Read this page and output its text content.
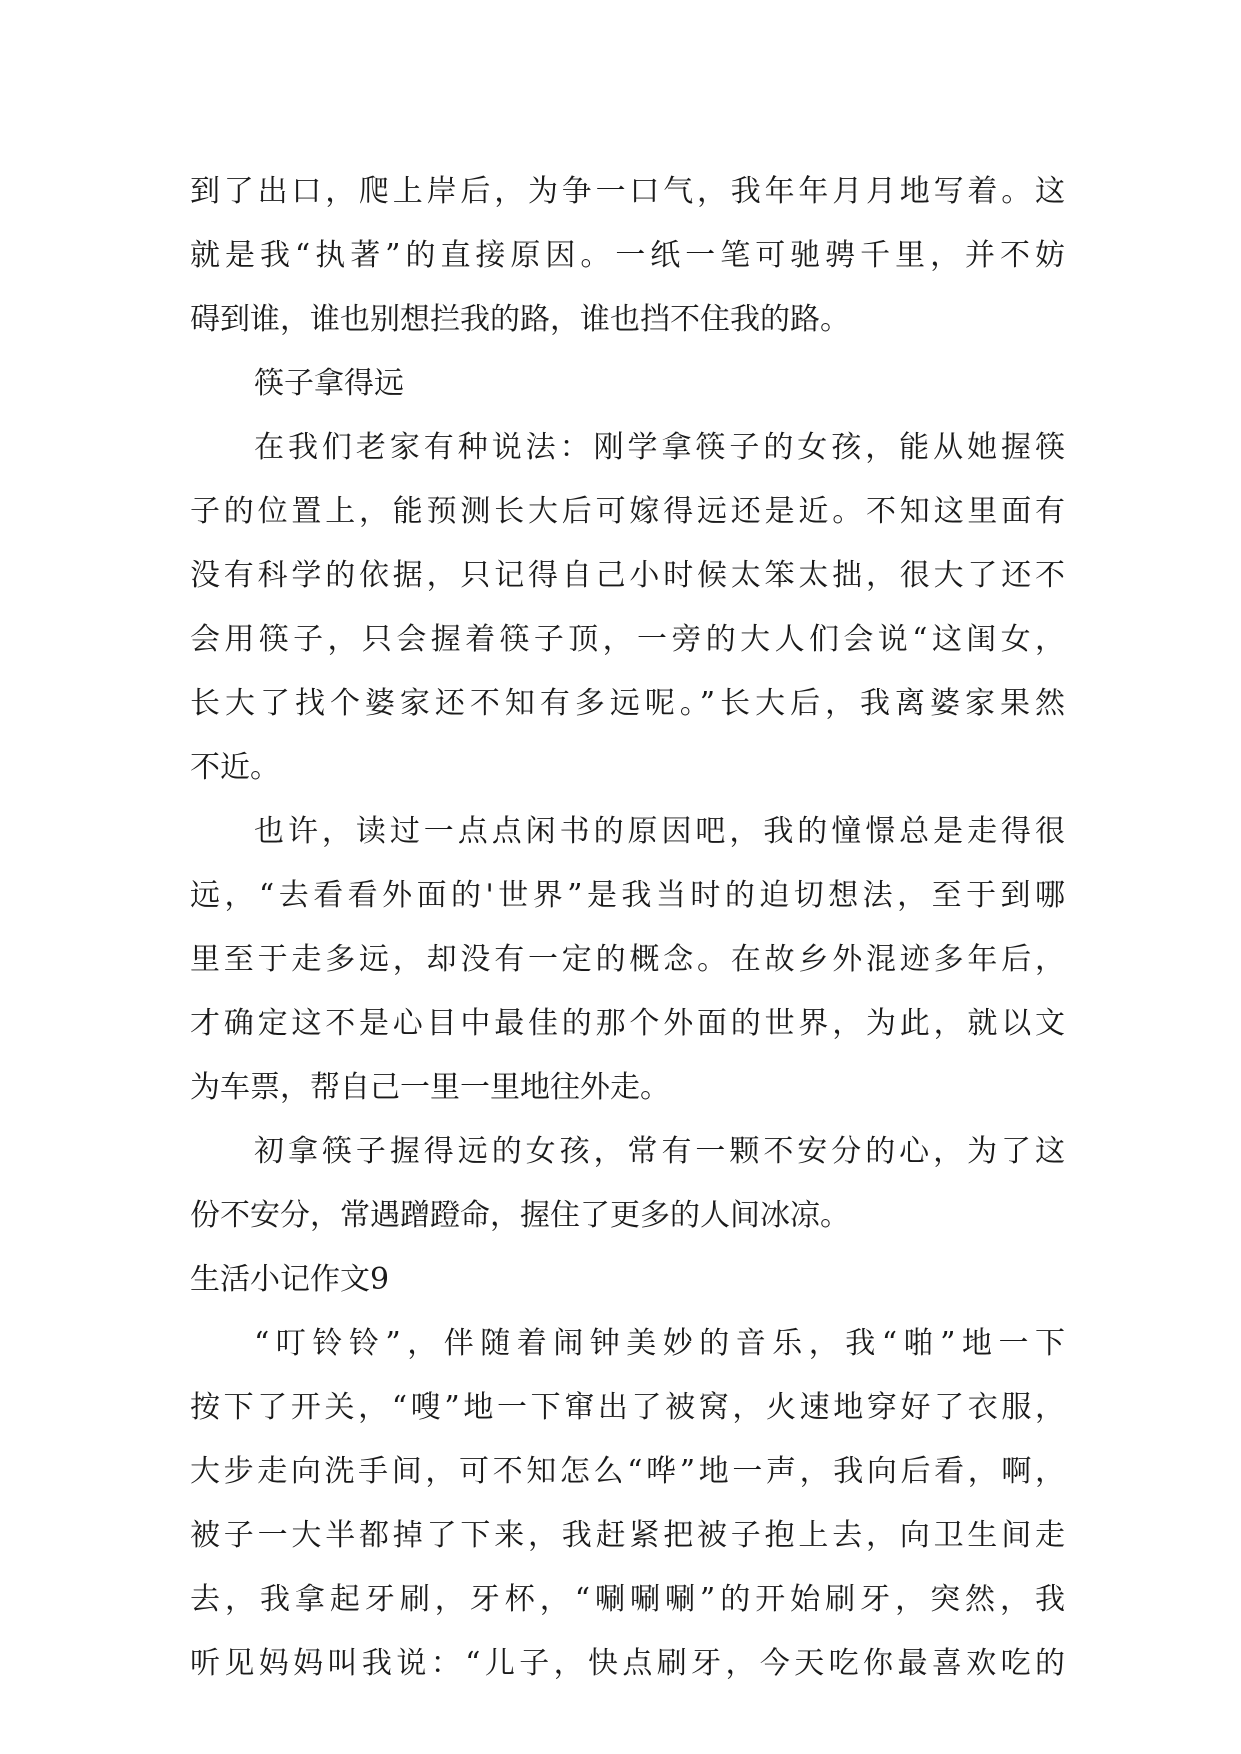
到了出口，爬上岸后，为争一口气，我年年月月地写着。这
就是我“执著”的直接原因。一纸一笔可驰骋千里，并不妨
碍到谁，谁也别想拦我的路，谁也挡不住我的路。
筷子拿得远
在我们老家有种说法：刚学拿筷子的女孩，能从她握筷
子的位置上，能预测长大后可嫁得远还是近。不知这里面有
没有科学的依据，只记得自己小时候太笨太拙，很大了还不
会用筷子，只会握着筷子顶，一旁的大人们会说“这闺女，
长大了找个婆家还不知有多远呢。”长大后，我离婆家果然
不近。
也许，读过一点点闲书的原因吧，我的憧憬总是走得很
远，“去看看外面的'世界”是我当时的迫切想法，至于到哪
里至于走多远，却没有一定的概念。在故乡外混迹多年后，
才确定这不是心目中最佳的那个外面的世界，为此，就以文
为车票，帮自己一里一里地往外走。
初拿筷子握得远的女孩，常有一颗不安分的心，为了这
份不安分，常遇蹭蹬命，握住了更多的人间冰凉。
生活小记作文9
“叮铃铃”，伴随着闹钟美妙的音乐，我“啪”地一下
按下了开关，“嗖”地一下窜出了被窝，火速地穿好了衣服，
大步走向洗手间，可不知怎么“哗”地一声，我向后看，啊，
被子一大半都掉了下来，我赶紧把被子抱上去，向卫生间走
去，我拿起牙刷，牙杯，“唰唰唰”的开始刷牙，突然，我
听见妈妈叫我说：“儿子，快点刷牙，今天吃你最喜欢吃的
